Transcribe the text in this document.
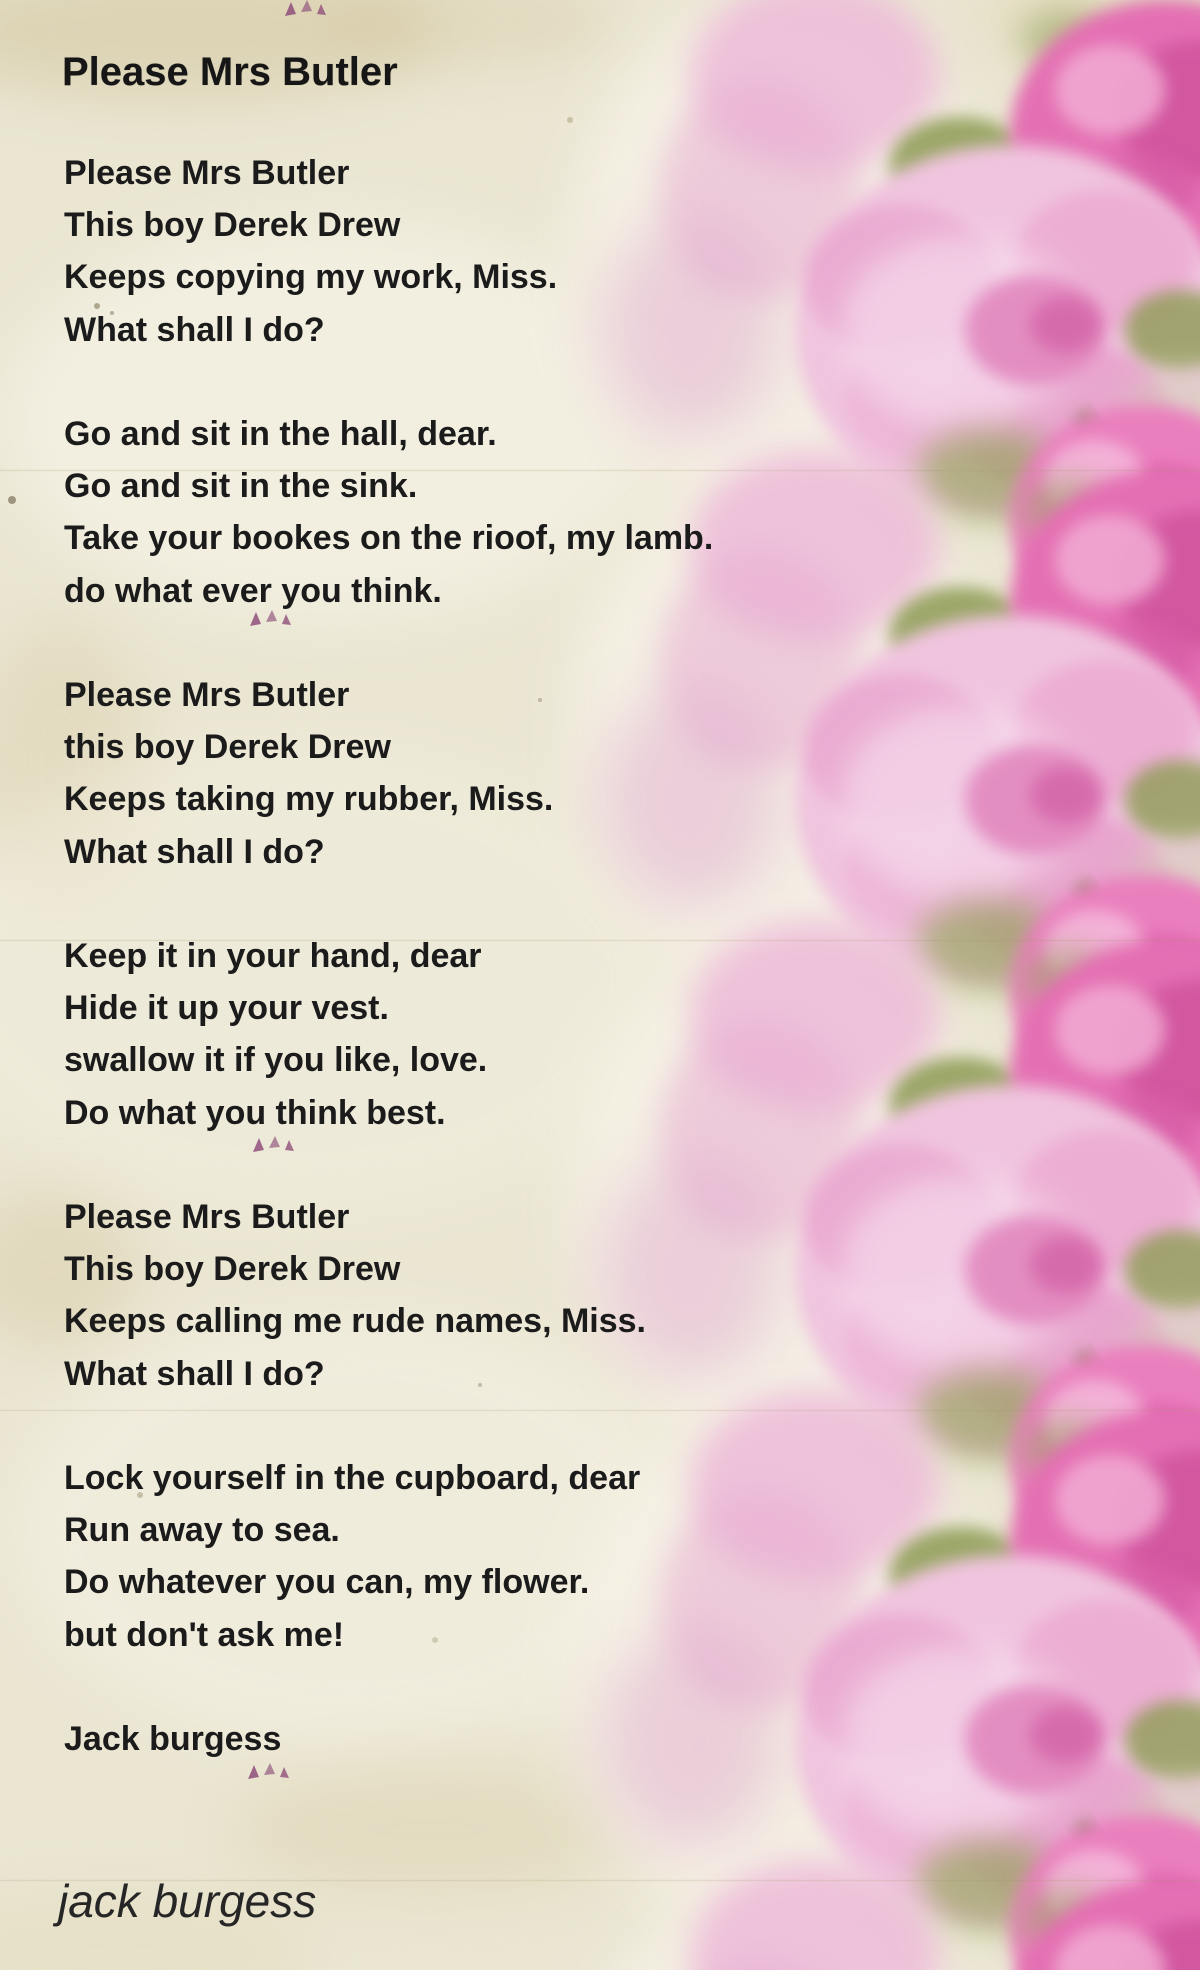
Please Mrs Butler
Please Mrs Butler
This boy Derek Drew
Keeps copying my work, Miss.
What shall I do?
Go and sit in the hall, dear.
Go and sit in the sink.
Take your bookes on the rioof, my lamb.
do what ever you think.
Please Mrs Butler
this boy Derek Drew
Keeps taking my rubber, Miss.
What shall I do?
Keep it in your hand, dear
Hide it up your vest.
swallow it if you like, love.
Do what you think best.
Please Mrs Butler
This boy Derek Drew
Keeps calling me rude names, Miss.
What shall I do?
Lock yourself in the cupboard, dear
Run away to sea.
Do whatever you can, my flower.
but don't ask me!
Jack burgess
jack burgess
